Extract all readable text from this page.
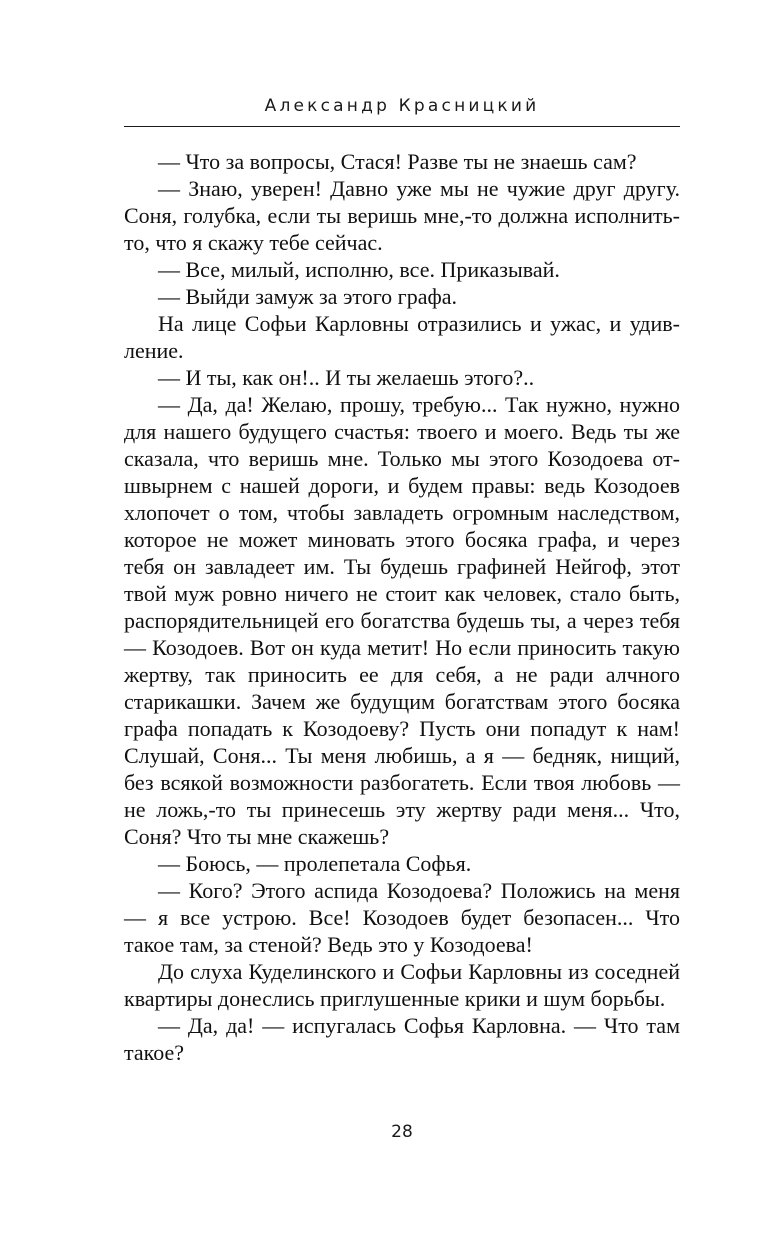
Александр Красницкий

— Что за вопросы, Стася! Разве ты не знаешь сам?

— Знаю, уверен! Давно уже мы не чужие друг другу. Соня, голубка, если ты веришь мне,-то должна исполнить-то, что я скажу тебе сейчас.

— Все, милый, исполню, все. Приказывай.

— Выйди замуж за этого графа.

На лице Софьи Карловны отразились и ужас, и удивление.

— И ты, как он!.. И ты желаешь этого?..

— Да, да! Желаю, прошу, требую... Так нужно, нужно для нашего будущего счастья: твоего и моего. Ведь ты же сказала, что веришь мне. Только мы этого Козодоева отшвырнем с нашей дороги, и будем правы: ведь Козодоев хлопочет о том, чтобы завладеть огромным наследством, которое не может миновать этого босяка графа, и через тебя он завладеет им. Ты будешь графиней Нейгоф, этот твой муж ровно ничего не стоит как человек, стало быть, распорядительницей его богатства будешь ты, а через тебя — Козодоев. Вот он куда метит! Но если приносить такую жертву, так приносить ее для себя, а не ради алчного старикашки. Зачем же будущим богатствам этого босяка графа попадать к Козодоеву? Пусть они попадут к нам! Слушай, Соня... Ты меня любишь, а я — бедняк, нищий, без всякой возможности разбогатеть. Если твоя любовь — не ложь,-то ты принесешь эту жертву ради меня... Что, Соня? Что ты мне скажешь?

— Боюсь, — пролепетала Софья.

— Кого? Этого аспида Козодоева? Положись на меня — я все устрою. Все! Козодоев будет безопасен... Что такое там, за стеной? Ведь это у Козодоева!

До слуха Куделинского и Софьи Карловны из соседней квартиры донеслись приглушенные крики и шум борьбы.

— Да, да! — испугалась Софья Карловна. — Что там такое?

28
